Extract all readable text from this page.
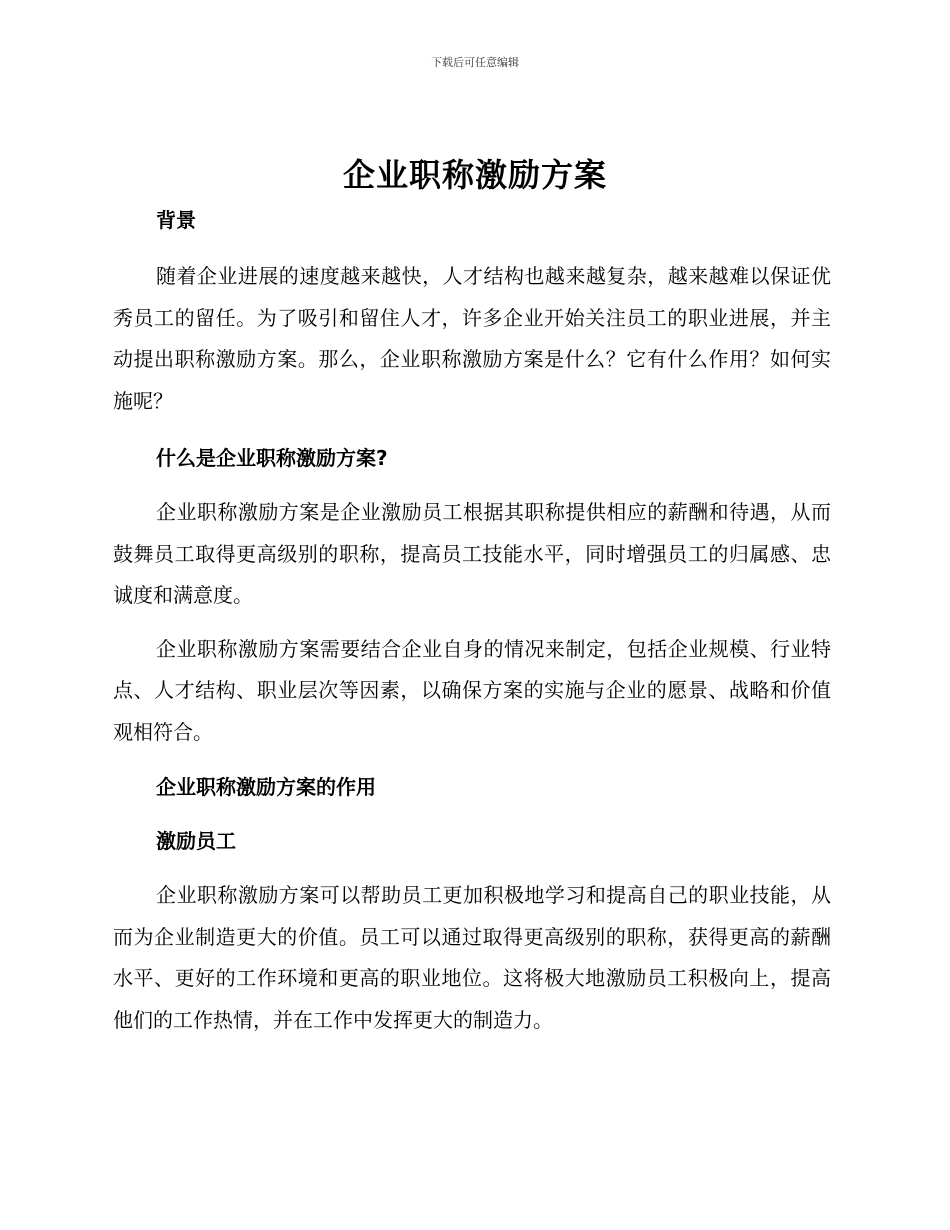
下载后可任意编辑
企业职称激励方案

背景

随着企业进展的速度越来越快，人才结构也越来越复杂，越来越难以保证优秀员工的留任。为了吸引和留住人才，许多企业开始关注员工的职业进展，并主动提出职称激励方案。那么，企业职称激励方案是什么？它有什么作用？如何实施呢？

什么是企业职称激励方案?

企业职称激励方案是企业激励员工根据其职称提供相应的薪酬和待遇，从而鼓舞员工取得更高级别的职称，提高员工技能水平，同时增强员工的归属感、忠诚度和满意度。

企业职称激励方案需要结合企业自身的情况来制定，包括企业规模、行业特点、人才结构、职业层次等因素，以确保方案的实施与企业的愿景、战略和价值观相符合。

企业职称激励方案的作用

激励员工

企业职称激励方案可以帮助员工更加积极地学习和提高自己的职业技能，从而为企业制造更大的价值。员工可以通过取得更高级别的职称，获得更高的薪酬水平、更好的工作环境和更高的职业地位。这将极大地激励员工积极向上，提高他们的工作热情，并在工作中发挥更大的制造力。
